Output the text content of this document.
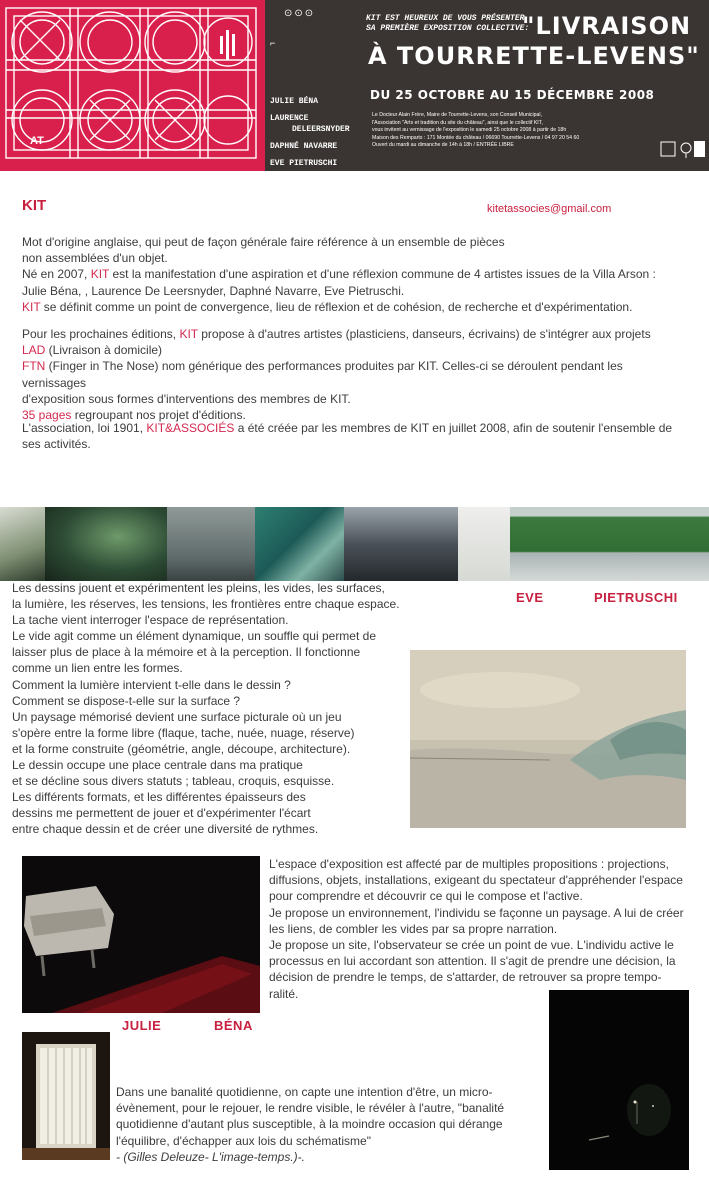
AT
⊙⊙⊙
⌐
JULIE BÉNA
LAURENCE
DELEERSNYDER
DAPHNÉ NAVARRE
EVE PIETRUSCHI
KIT EST HEUREUX DE VOUS PRÉSENTER
SA PREMIÈRE EXPOSITION COLLECTIVE:
"LIVRAISON
À TOURRETTE-LEVENS"
DU 25 OCTOBRE AU 15 DÉCEMBRE 2008
Le Docteur Alain Frère, Maire de Tourrette-Levens, son Conseil Municipal,
l'Association "Arts et tradition du site du château", ainsi que le collectif KIT,
vous invitent au vernissage de l'exposition le samedi 25 octobre 2008 à partir de 18h
Maison des Remparts : 171 Montée du château / 06690 Tourrette-Levens / 04 97 20 54 60
Ouvert du mardi au dimanche de 14h à 18h / ENTRÉE LIBRE
KIT	kitetassocies@gmail.com
Mot d'origine anglaise, qui peut de façon générale faire référence à un ensemble de pièces
non assemblées d'un objet.
Né en 2007, KIT est la manifestation d'une aspiration et d'une réflexion commune de 4 artistes issues de la Villa Arson :
Julie Béna, , Laurence De Leersnyder, Daphné Navarre, Eve Pietruschi.
KIT se définit comme un point de convergence, lieu de réflexion et de cohésion, de recherche et d'expérimentation.
Pour les prochaines éditions, KIT propose à d'autres artistes (plasticiens, danseurs, écrivains) de s'intégrer aux projets
LAD (Livraison à domicile)
FTN (Finger in The Nose) nom générique des performances produites par KIT. Celles-ci se déroulent pendant les vernissages
d'exposition sous formes d'interventions des membres de KIT.
35 pages regroupant nos projet d'éditions.
L'association, loi 1901, KIT&ASSOCIÉS a été créée par les membres de KIT en juillet 2008, afin de soutenir l'ensemble de
ses activités.
Les dessins jouent et expérimentent les pleins, les vides, les surfaces,
la lumière, les réserves, les tensions, les frontières entre chaque espace.
La tache vient interroger l'espace de représentation.
Le vide agit comme un élément dynamique, un souffle qui permet de
laisser plus de place à la mémoire et à la perception. Il fonctionne
comme un lien entre les formes.
Comment la lumière intervient t-elle dans le dessin ?
Comment se dispose-t-elle sur la surface ?
Un paysage mémorisé devient une surface picturale où un jeu
s'opère entre la forme libre (flaque, tache, nuée, nuage, réserve)
et la forme construite (géométrie, angle, découpe, architecture).
Le dessin occupe une place centrale dans ma pratique
et se décline sous divers statuts ; tableau, croquis, esquisse.
Les différents formats, et les différentes épaisseurs des
dessins me permettent de jouer et d'expérimenter l'écart
entre chaque dessin et de créer une diversité de rythmes.
EVE	PIETRUSCHI
L'espace d'exposition est affecté par de multiples propositions : projections,
diffusions, objets, installations, exigeant du spectateur d'appréhender l'espace
pour comprendre et découvrir ce qui le compose et l'active.
Je propose un environnement, l'individu se façonne un paysage. A lui de créer
les liens, de combler les vides par sa propre narration.
Je propose un site, l'observateur se crée un point de vue. L'individu active le
processus en lui accordant son attention. Il s'agit de prendre une décision, la
décision de prendre le temps, de s'attarder, de retrouver sa propre tempo-
ralité.
JULIE	BÉNA
Dans une banalité quotidienne, on capte une intention d'être, un micro-
évènement, pour le rejouer, le rendre visible, le révéler à l'autre, "banalité
quotidienne d'autant plus susceptible, à la moindre occasion qui dérange
l'équilibre, d'échapper aux lois du schématisme"
- (Gilles Deleuze- L'image-temps.)-.
